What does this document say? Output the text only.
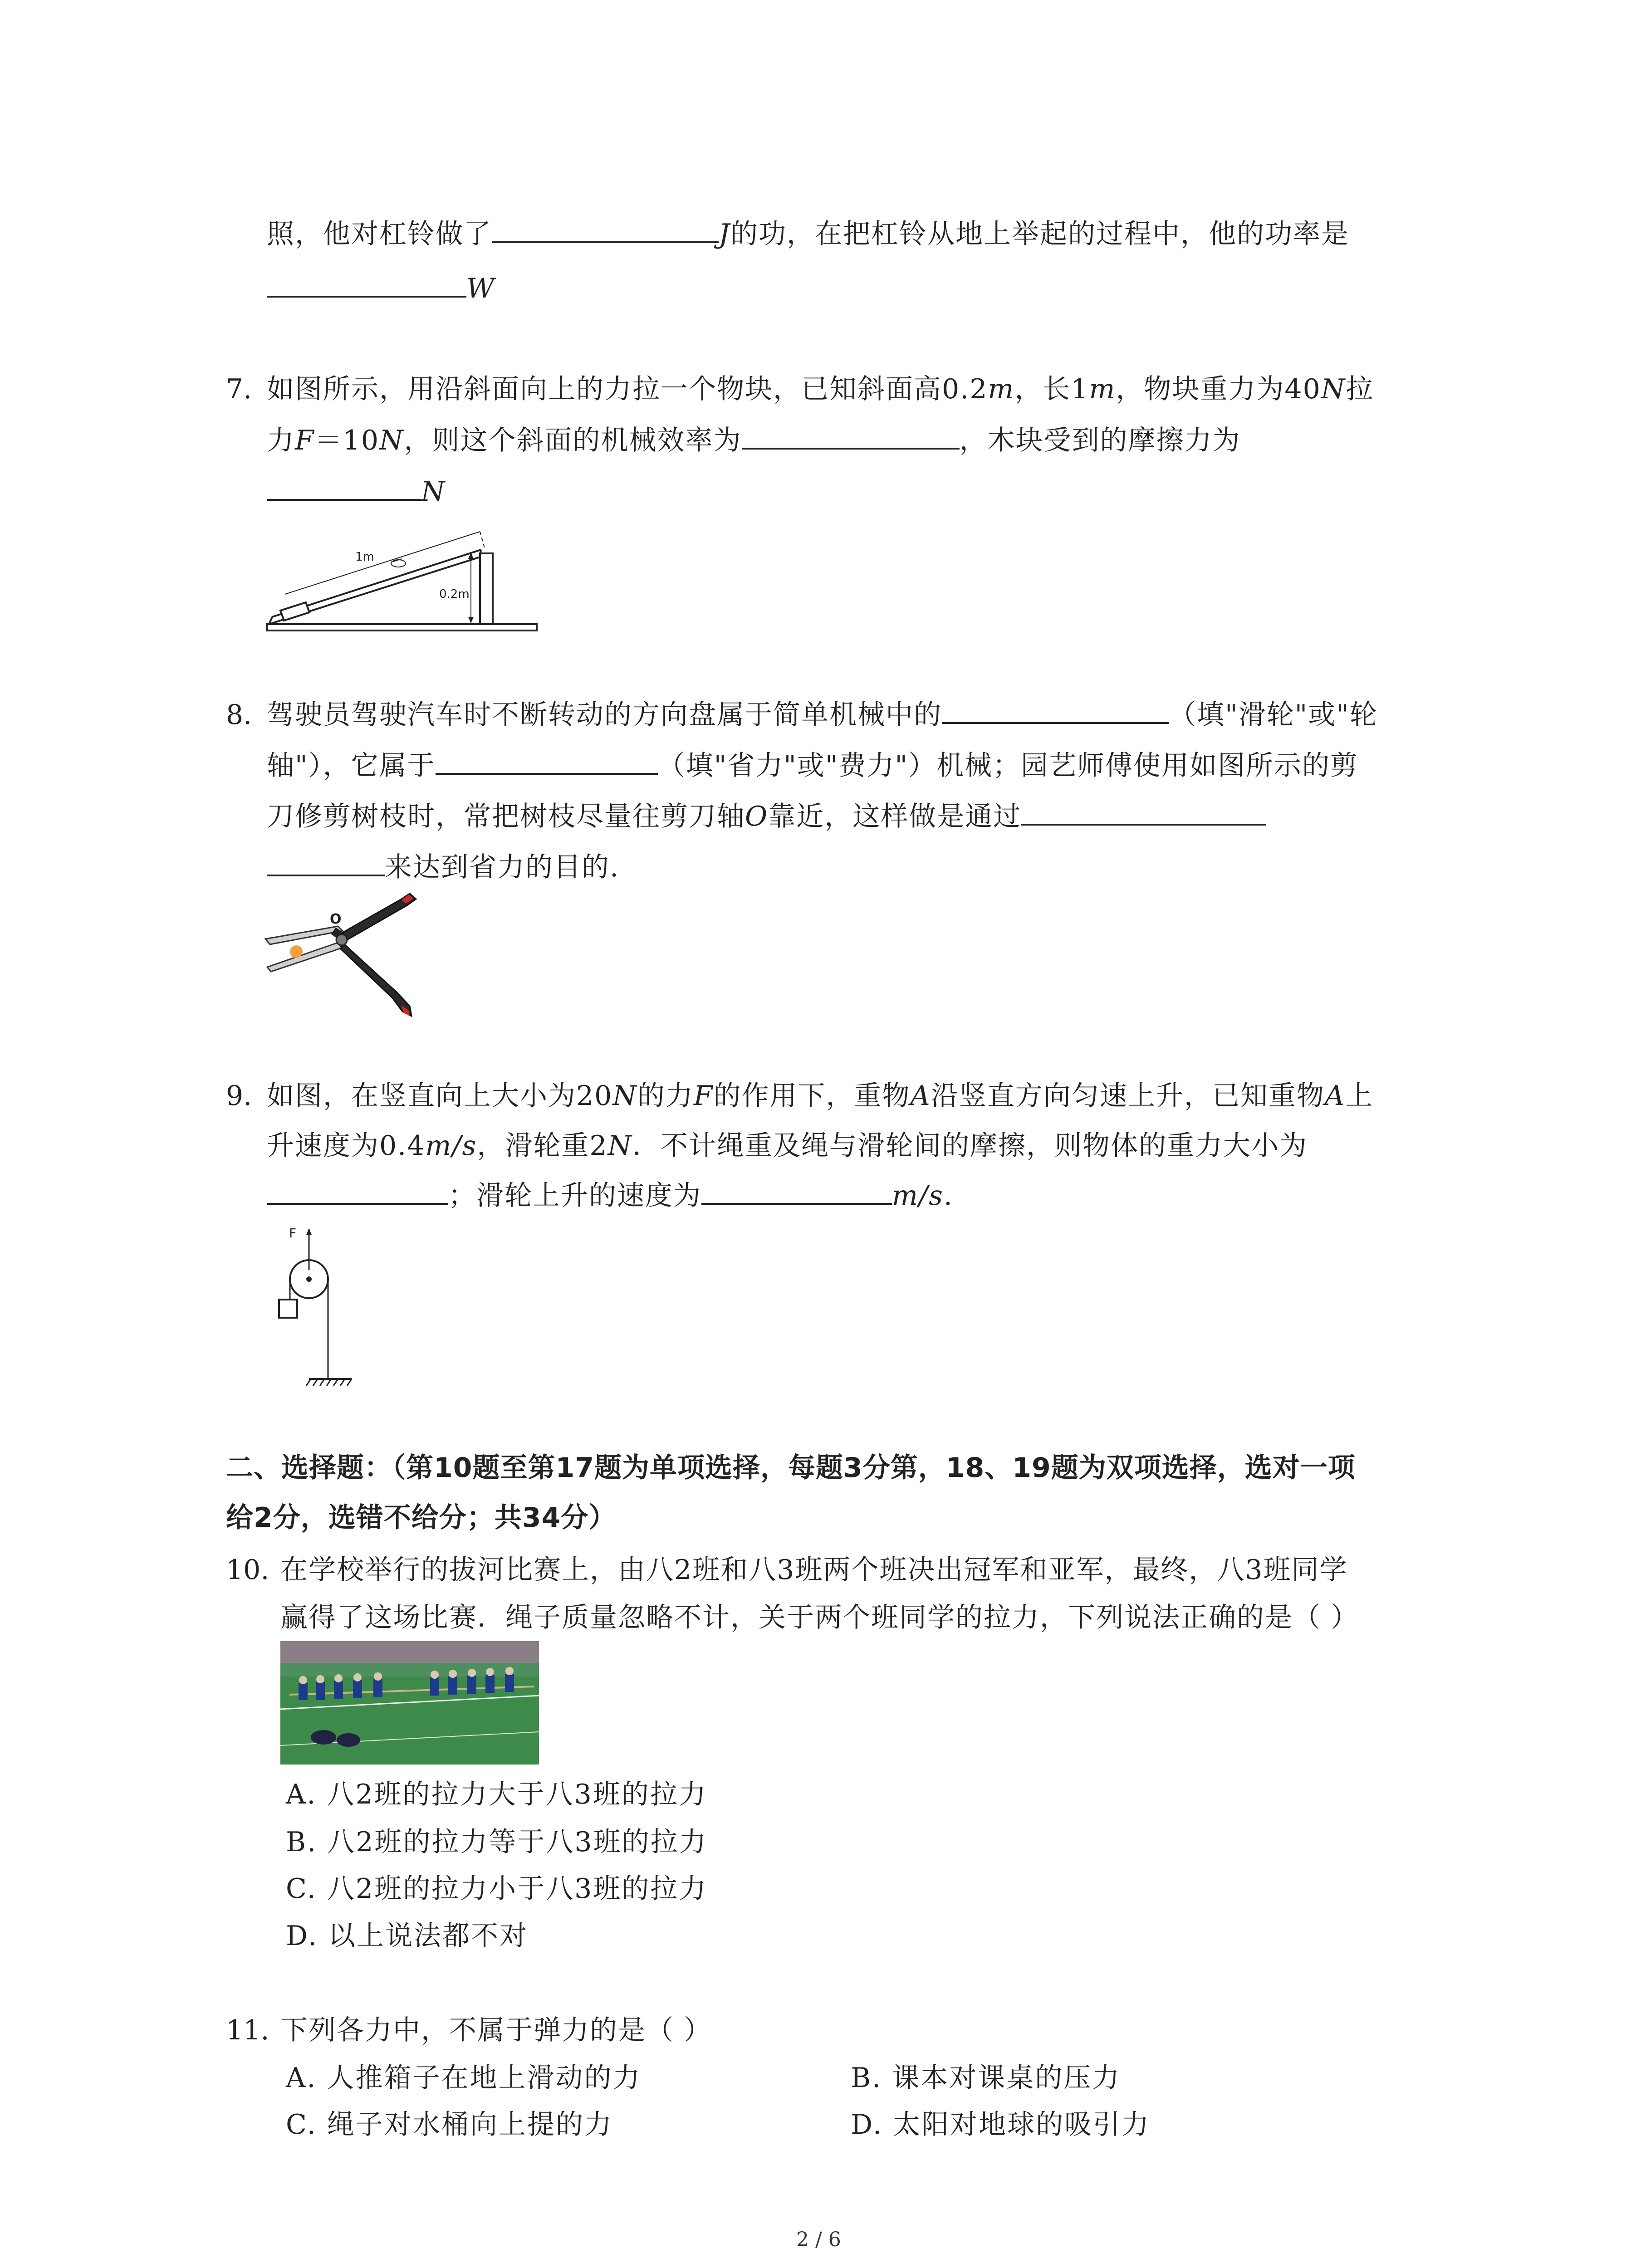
照，他对杠铃做了	J的功，在把杠铃从地上举起的过程中，他的功率是
W
7. 如图所示，用沿斜面向上的力拉一个物块，已知斜面高0.2m，长1m，物块重力为40N拉
力F＝10N，则这个斜面的机械效率为	，木块受到的摩擦力为
N
1m
0.2m
8. 驾驶员驾驶汽车时不断转动的方向盘属于简单机械中的	（填"滑轮"或"轮
轴"），它属于	（填"省力"或"费力"）机械；园艺师傅使用如图所示的剪
刀修剪树枝时，常把树枝尽量往剪刀轴O靠近，这样做是通过
来达到省力的目的.
O
9. 如图，在竖直向上大小为20N的力F的作用下，重物A沿竖直方向匀速上升，已知重物A上
升速度为0.4m/s，滑轮重2N．不计绳重及绳与滑轮间的摩擦，则物体的重力大小为
；滑轮上升的速度为	m/s.
F
二、选择题：（第10题至第17题为单项选择，每题3分第，18、19题为双项选择，选对一项
给2分，选错不给分；共34分）
10. 在学校举行的拔河比赛上，由八2班和八3班两个班决出冠军和亚军，最终，八3班同学
赢得了这场比赛．绳子质量忽略不计，关于两个班同学的拉力，下列说法正确的是（ ）
A. 八2班的拉力大于八3班的拉力
B. 八2班的拉力等于八3班的拉力
C. 八2班的拉力小于八3班的拉力
D. 以上说法都不对
11. 下列各力中，不属于弹力的是（ ）
A. 人推箱子在地上滑动的力	B. 课本对课桌的压力
C. 绳子对水桶向上提的力	D. 太阳对地球的吸引力
2 / 6
